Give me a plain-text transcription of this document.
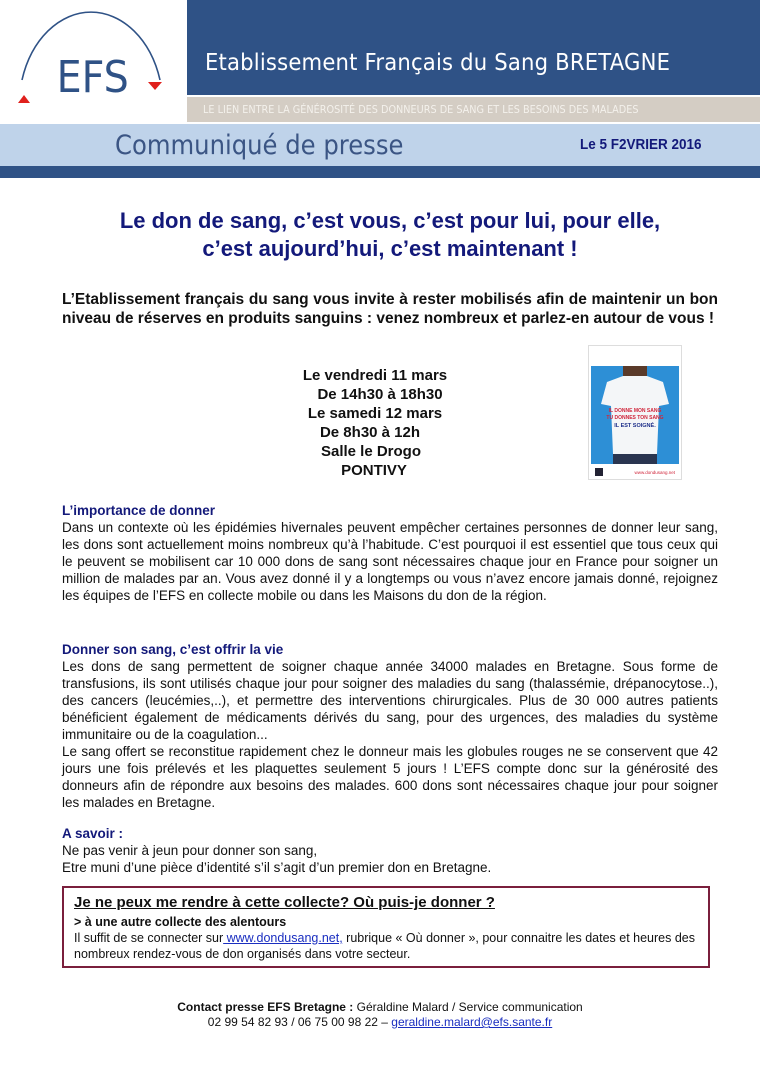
EFS	Etablissement Français du Sang BRETAGNE
LE LIEN ENTRE LA GÉNÉROSITÉ DES DONNEURS DE SANG ET LES BESOINS DES MALADES
Communiqué de presse	Le 5 F2VRIER 2016
Le don de sang, c’est vous, c’est pour lui, pour elle,
c’est aujourd’hui, c’est maintenant !

L’Etablissement français du sang vous invite à rester mobilisés afin de maintenir un bon niveau de réserves en produits sanguins : venez nombreux et parlez-en autour de vous !

Le vendredi 11 mars
De 14h30 à 18h30
Le samedi 12 mars
De 8h30 à 12h
Salle le Drogo
PONTIVY
IL DONNE MON SANG
TU DONNES TON SANG
IL EST SOIGNÉ.
www.dondusang.net
L’importance de donner

Dans un contexte où les épidémies hivernales peuvent empêcher certaines personnes de donner leur sang, les dons sont actuellement moins nombreux qu’à l’habitude. C’est pourquoi il est essentiel que tous ceux qui le peuvent se mobilisent car 10 000 dons de sang sont nécessaires chaque jour en France pour soigner un million de malades par an. Vous avez donné il y a longtemps ou vous n’avez encore jamais donné, rejoignez les équipes de l’EFS en collecte mobile ou dans les Maisons du don de la région.

Donner son sang, c’est offrir la vie

Les dons de sang permettent de soigner chaque année 34000 malades en Bretagne. Sous forme de transfusions, ils sont utilisés chaque jour pour soigner des maladies du sang (thalassémie, drépanocytose..), des cancers (leucémies,..), et permettre des interventions chirurgicales. Plus de 30 000 autres patients bénéficient également de médicaments dérivés du sang, pour des urgences, des maladies du système immunitaire ou de la coagulation...

Le sang offert se reconstitue rapidement chez le donneur mais les globules rouges ne se conservent que 42 jours une fois prélevés et les plaquettes seulement 5 jours ! L’EFS compte donc sur la générosité des donneurs afin de répondre aux besoins des malades. 600 dons sont nécessaires chaque jour pour soigner les malades en Bretagne.

A savoir :

Ne pas venir à jeun pour donner son sang,

Etre muni d’une pièce d’identité s’il s’agit d’un premier don en Bretagne.

Je ne peux me rendre à cette collecte? Où puis-je donner ?
> à une autre collecte des alentours

Il suffit de se connecter sur www.dondusang.net, rubrique « Où donner », pour connaitre les dates et heures des nombreux rendez-vous de don organisés dans votre secteur.

Contact presse EFS Bretagne : Géraldine Malard / Service communication
02 99 54 82 93 / 06 75 00 98 22 – geraldine.malard@efs.sante.fr
